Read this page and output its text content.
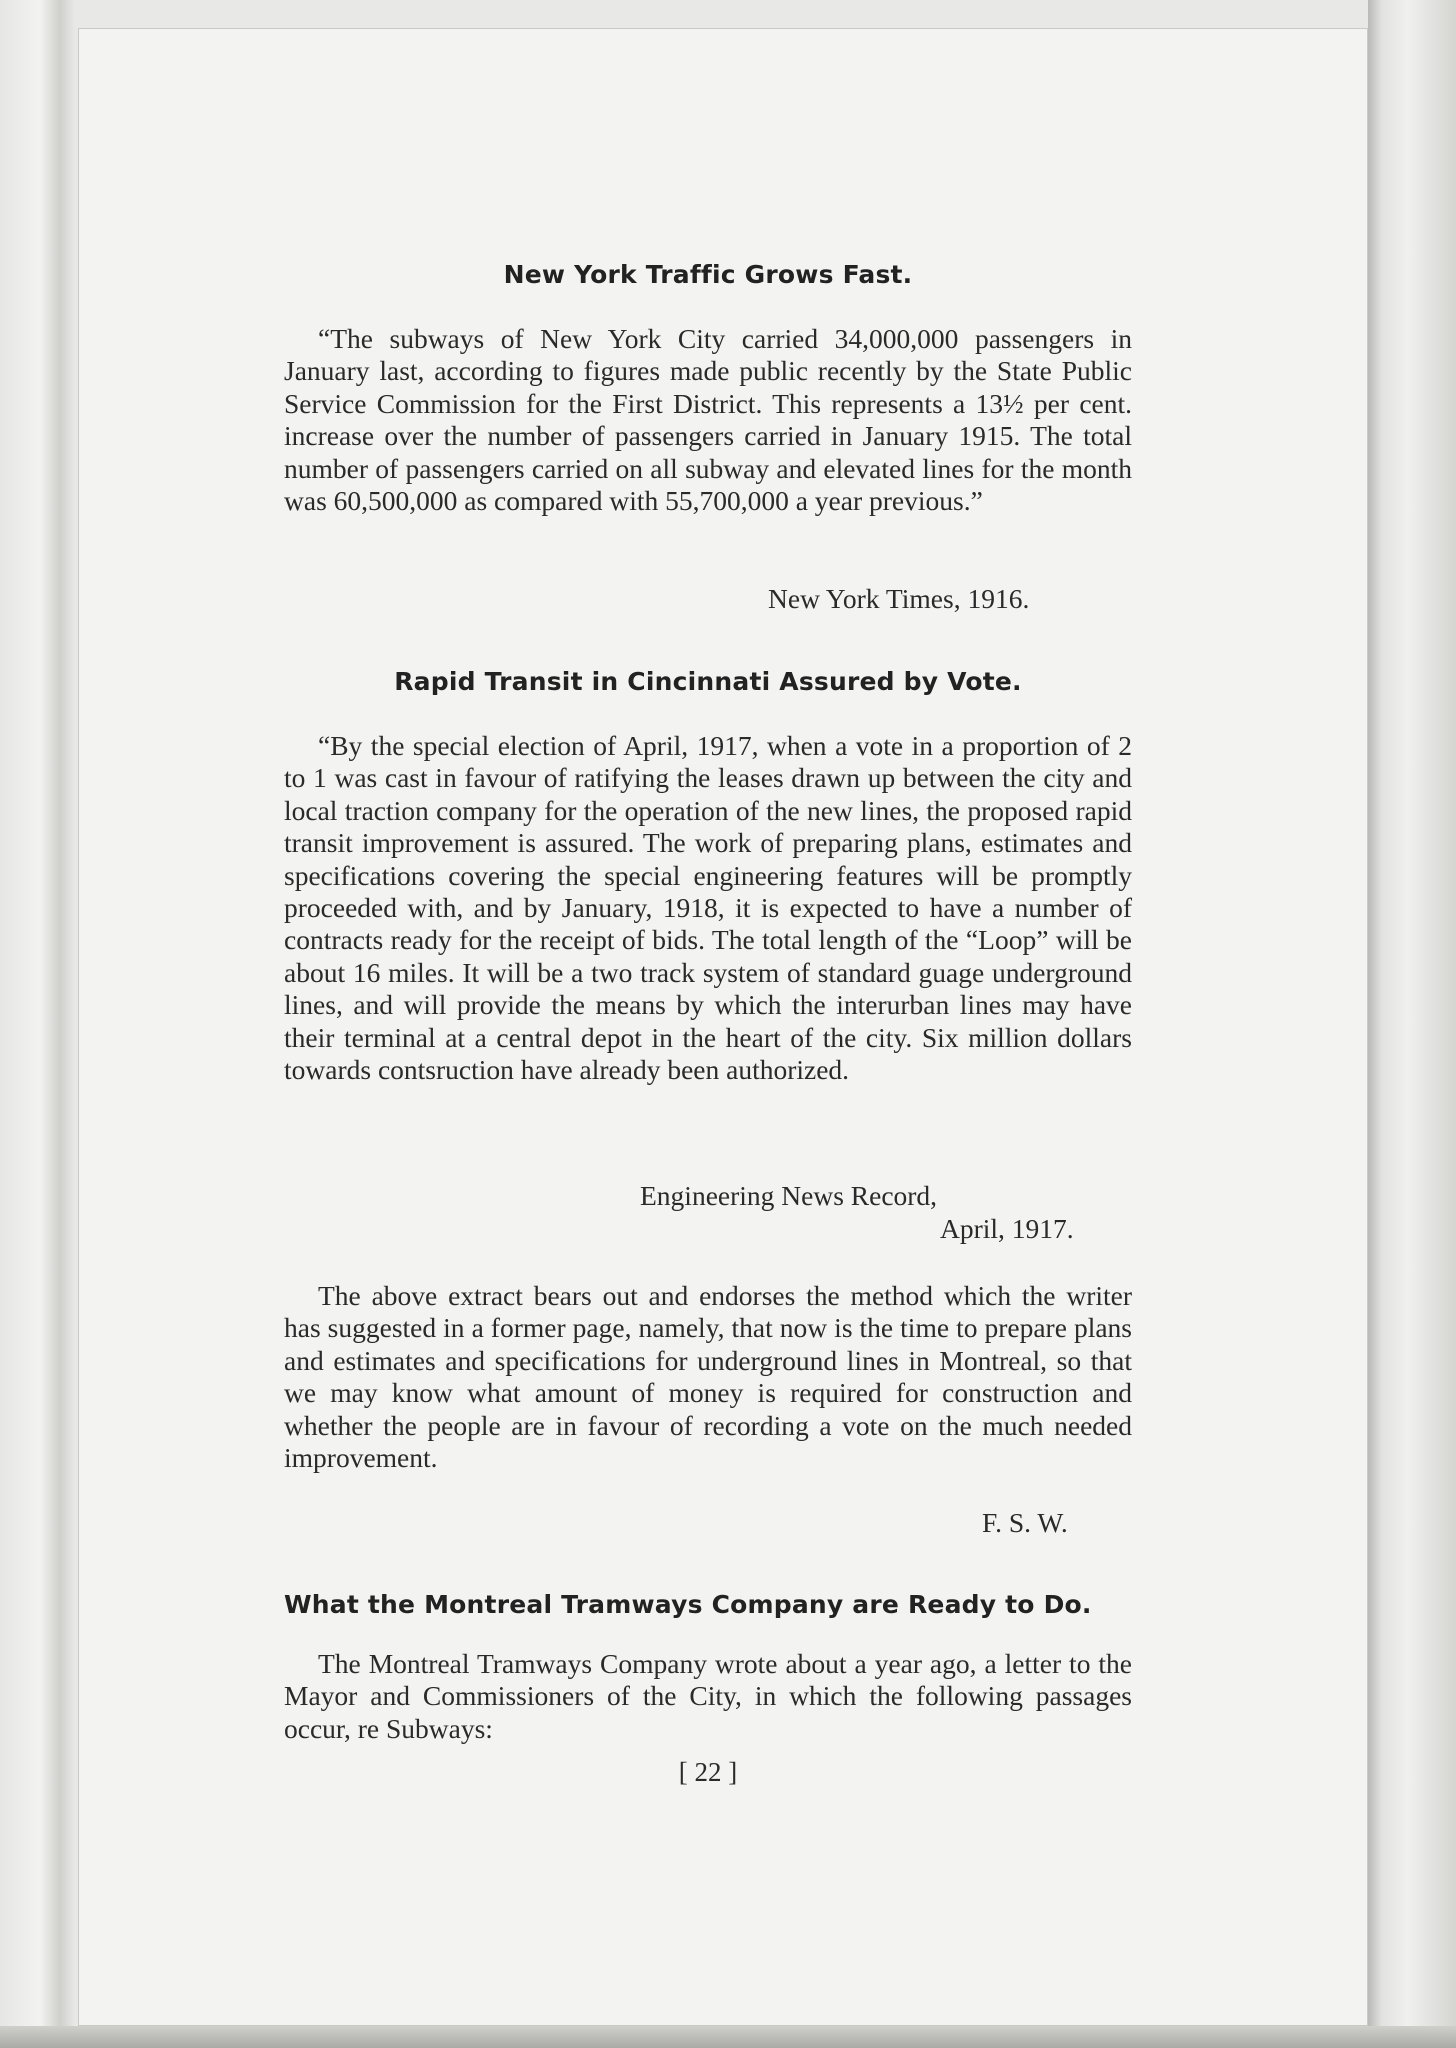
New York Traffic Grows Fast.

“The subways of New York City carried 34,000,000 passengers in January last, according to figures made public recently by the State Public Service Commission for the First District. This represents a 13½ per cent. increase over the number of passengers carried in January 1915. The total number of passengers carried on all subway and elevated lines for the month was 60,500,000 as compared with 55,700,000 a year previous.”

New York Times, 1916.

Rapid Transit in Cincinnati Assured by Vote.

“By the special election of April, 1917, when a vote in a proportion of 2 to 1 was cast in favour of ratifying the leases drawn up between the city and local traction company for the operation of the new lines, the proposed rapid transit improvement is assured. The work of preparing plans, estimates and specifications covering the special engineering features will be promptly proceeded with, and by January, 1918, it is expected to have a number of contracts ready for the receipt of bids. The total length of the “Loop” will be about 16 miles. It will be a two track system of standard guage underground lines, and will provide the means by which the interurban lines may have their terminal at a central depot in the heart of the city. Six million dollars towards contsruction have already been authorized.

Engineering News Record,

April, 1917.

The above extract bears out and endorses the method which the writer has suggested in a former page, namely, that now is the time to prepare plans and estimates and specifications for underground lines in Montreal, so that we may know what amount of money is required for construction and whether the people are in favour of recording a vote on the much needed improvement.

F. S. W.

What the Montreal Tramways Company are Ready to Do.

The Montreal Tramways Company wrote about a year ago, a letter to the Mayor and Commissioners of the City, in which the following passages occur, re Subways:

[ 22 ]
